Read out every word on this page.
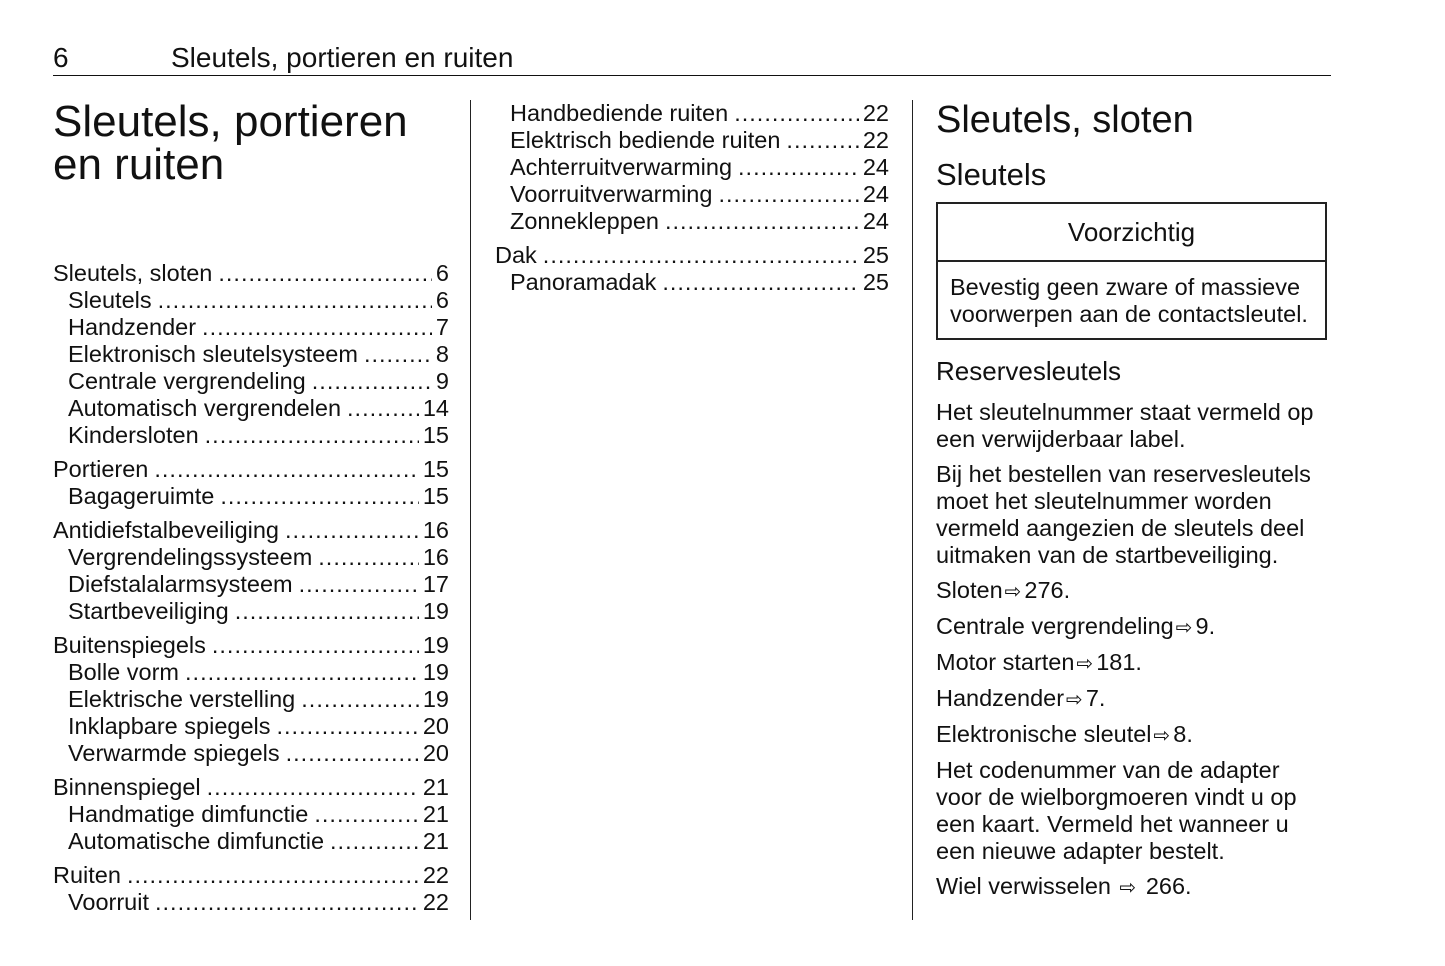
6	Sleutels, portieren en ruiten
Sleutels, portieren
en ruiten
Sleutels, sloten .....	6
Sleutels .....	6
Handzender .....	7
Elektronisch sleutelsysteem .....	8
Centrale vergrendeling .....	9
Automatisch vergrendelen .....	14
Kindersloten .....	15
Portieren .....	15
Bagageruimte .....	15
Antidiefstalbeveiliging .....	16
Vergrendelingssysteem .....	16
Diefstalalarmsysteem .....	17
Startbeveiliging .....	19
Buitenspiegels .....	19
Bolle vorm .....	19
Elektrische verstelling .....	19
Inklapbare spiegels .....	20
Verwarmde spiegels .....	20
Binnenspiegel .....	21
Handmatige dimfunctie .....	21
Automatische dimfunctie .....	21
Ruiten .....	22
Voorruit .....	22
Handbediende ruiten .....	22
Elektrisch bediende ruiten .....	22
Achterruitverwarming .....	24
Voorruitverwarming .....	24
Zonnekleppen .....	24
Dak .....	25
Panoramadak .....	25
Sleutels, sloten
Sleutels
Voorzichtig
Bevestig geen zware of massieve voorwerpen aan de contactsleutel.
Reservesleutels

Het sleutelnummer staat vermeld op een verwijderbaar label.

Bij het bestellen van reservesleutels moet het sleutelnummer worden vermeld aangezien de sleutels deel uitmaken van de startbeveiliging.

Sloten ⇨ 276.

Centrale vergrendeling ⇨ 9.

Motor starten ⇨ 181.

Handzender ⇨ 7.

Elektronische sleutel ⇨ 8.

Het codenummer van de adapter voor de wielborgmoeren vindt u op een kaart. Vermeld het wanneer u een nieuwe adapter bestelt.

Wiel verwisselen ⇨ 266.
